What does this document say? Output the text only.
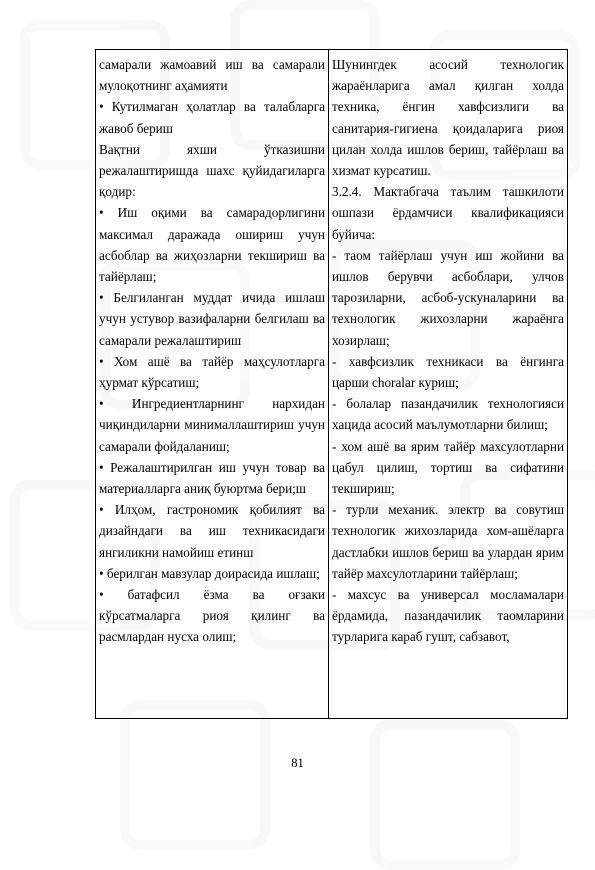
самарали жамоавий иш ва самарали мулоқотнинг аҳамияти

• Кутилмаган ҳолатлар ва талабларга жавоб бериш

Вақтни яхши ўтказишни режалаштиришда шахс қуйидагиларга қодир:

• Иш оқими ва самарадорлигини максимал даражада ошириш учун асбоблар ва жиҳозларни текшириш ва тайёрлаш;

• Белгиланган муддат ичида ишлаш учун устувор вазифаларни белгилаш ва самарали режалаштириш

• Хом ашё ва тайёр маҳсулотларга ҳурмат кўрсатиш;

• Ингредиентларнинг нархидан чиқиндиларни минималлаштириш учун самарали фойдаланиш;

• Режалаштирилган иш учун товар ва материалларга аниқ буюртма бери;ш

• Илҳом, гастрономик қобилият ва дизайндаги ва иш техникасидаги янгиликни намойиш етинш

• берилган мавзулар доирасида ишлаш;

• батафсил ёзма ва оғзаки кўрсатмаларга риоя қилинг ва расмлардан нусха олиш;

Шунингдек асосий технологик жараёнларига амал қилган холда техника, ёнгин хавфсизлиги ва санитария-гигиена қоидаларига риоя цилан холда ишлов бериш, тайёрлаш ва хизмат курсатиш.

3.2.4. Мактабгача таълим ташкилоти ошпази ёрдамчиси квалификацияси буйича:

- таом тайёрлаш учун иш жойини ва ишлов берувчи асбоблари, улчов тарозиларни, асбоб-ускуналарини ва технологик жихозларни жараёнга хозирлаш;

- хавфсизлик техникаси ва ёнгинга царши choralar куриш;

- болалар пазандачилик технологияси хацида асосий маълумотларни билиш;

- хом ашё ва ярим тайёр махсулотларни цабул цилиш, тортиш ва сифатини текшириш;

- турли механик. электр ва совутиш технологик жихозларида хом-ашёларга дастлабки ишлов бериш ва улардан ярим тайёр махсулотларини тайёрлаш;

- махсус ва универсал мосламалари ёрдамида, пазандачилик таомларини турларига караб гушт, сабзавот,

81
